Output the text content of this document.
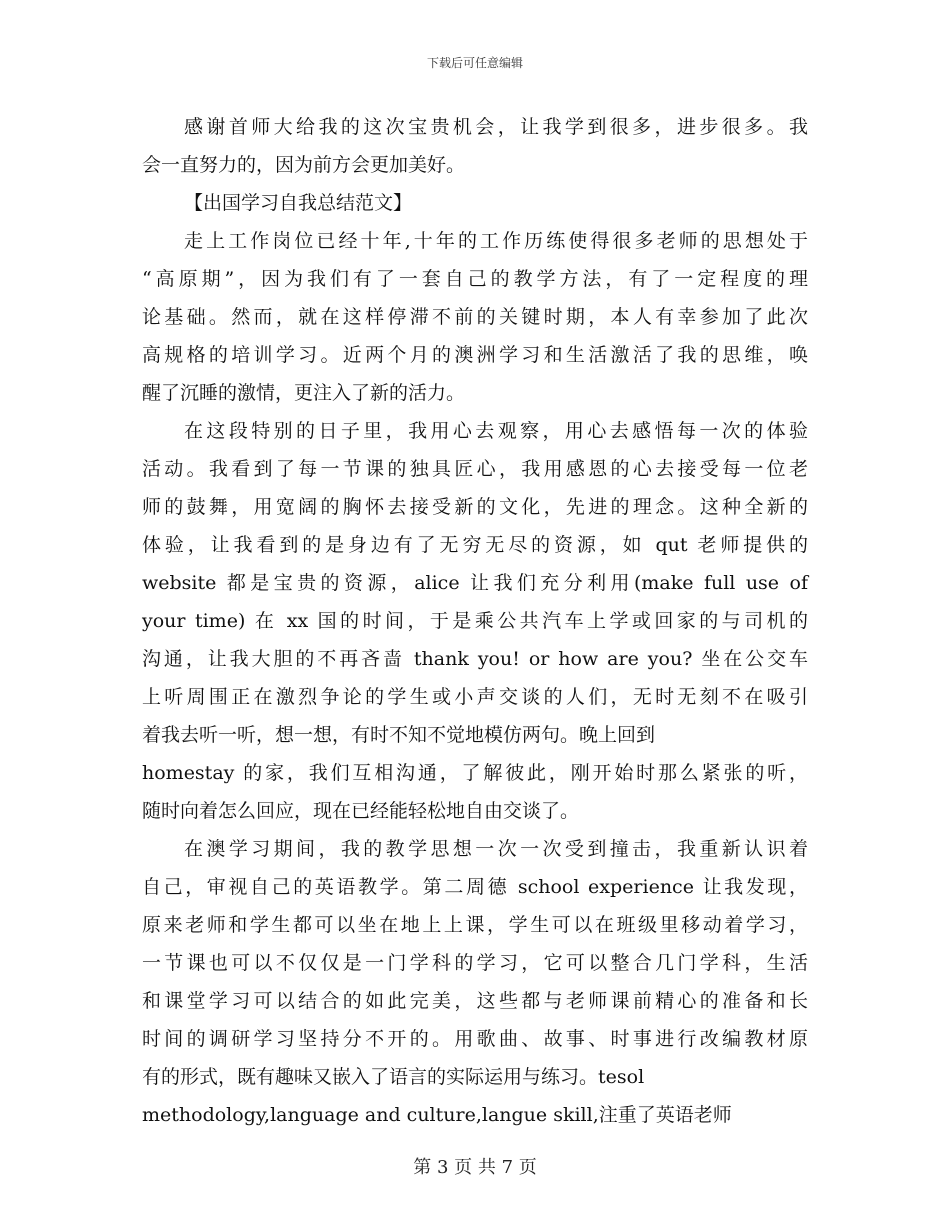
下载后可任意编辑
感谢首师大给我的这次宝贵机会，让我学到很多，进步很多。我
会一直努力的，因为前方会更加美好。
【出国学习自我总结范文】
走上工作岗位已经十年,十年的工作历练使得很多老师的思想处于
“高原期”，因为我们有了一套自己的教学方法，有了一定程度的理
论基础。然而，就在这样停滞不前的关键时期，本人有幸参加了此次
高规格的培训学习。近两个月的澳洲学习和生活激活了我的思维，唤
醒了沉睡的激情，更注入了新的活力。
在这段特别的日子里，我用心去观察，用心去感悟每一次的体验
活动。我看到了每一节课的独具匠心，我用感恩的心去接受每一位老
师的鼓舞，用宽阔的胸怀去接受新的文化，先进的理念。这种全新的
体验，让我看到的是身边有了无穷无尽的资源，如 qut 老师提供的
website 都是宝贵的资源，alice 让我们充分利用(make full use of
your time) 在 xx 国的时间，于是乘公共汽车上学或回家的与司机的
沟通，让我大胆的不再吝啬 thank you! or how are you? 坐在公交车
上听周围正在激烈争论的学生或小声交谈的人们，无时无刻不在吸引
着我去听一听，想一想，有时不知不觉地模仿两句。晚上回到
homestay 的家，我们互相沟通，了解彼此，刚开始时那么紧张的听，
随时向着怎么回应，现在已经能轻松地自由交谈了。
在澳学习期间，我的教学思想一次一次受到撞击，我重新认识着
自己，审视自己的英语教学。第二周德 school experience 让我发现，
原来老师和学生都可以坐在地上上课，学生可以在班级里移动着学习，
一节课也可以不仅仅是一门学科的学习，它可以整合几门学科，生活
和课堂学习可以结合的如此完美，这些都与老师课前精心的准备和长
时间的调研学习坚持分不开的。用歌曲、故事、时事进行改编教材原
有的形式，既有趣味又嵌入了语言的实际运用与练习。tesol
methodology,language and culture,langue skill,注重了英语老师
第 3 页 共 7 页
